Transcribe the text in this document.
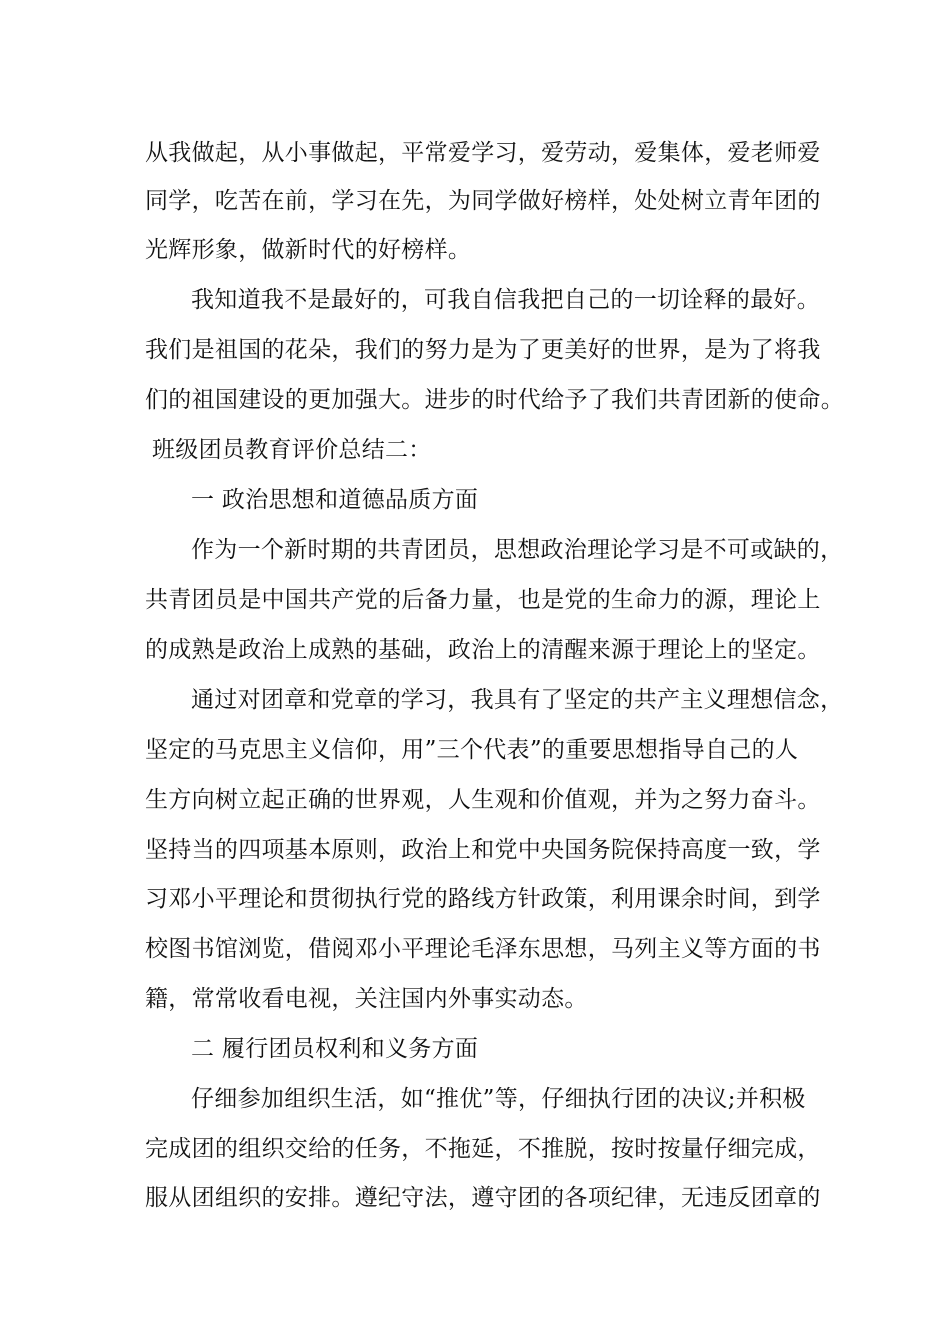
从我做起，从小事做起，平常爱学习，爱劳动，爱集体，爱老师爱
同学，吃苦在前，学习在先，为同学做好榜样，处处树立青年团的
光辉形象，做新时代的好榜样。
我知道我不是最好的，可我自信我把自己的一切诠释的最好。
我们是祖国的花朵，我们的努力是为了更美好的世界，是为了将我
们的祖国建设的更加强大。进步的时代给予了我们共青团新的使命。
班级团员教育评价总结二：
一 政治思想和道德品质方面
作为一个新时期的共青团员，思想政治理论学习是不可或缺的，
共青团员是中国共产党的后备力量，也是党的生命力的源，理论上
的成熟是政治上成熟的基础，政治上的清醒来源于理论上的坚定。
通过对团章和党章的学习，我具有了坚定的共产主义理想信念，
坚定的马克思主义信仰，用”三个代表”的重要思想指导自己的人
生方向树立起正确的世界观，人生观和价值观，并为之努力奋斗。
坚持当的四项基本原则，政治上和党中央国务院保持高度一致，学
习邓小平理论和贯彻执行党的路线方针政策，利用课余时间，到学
校图书馆浏览，借阅邓小平理论毛泽东思想，马列主义等方面的书
籍，常常收看电视，关注国内外事实动态。
二 履行团员权利和义务方面
仔细参加组织生活，如“推优”等，仔细执行团的决议;并积极
完成团的组织交给的任务，不拖延，不推脱，按时按量仔细完成，
服从团组织的安排。遵纪守法，遵守团的各项纪律，无违反团章的
